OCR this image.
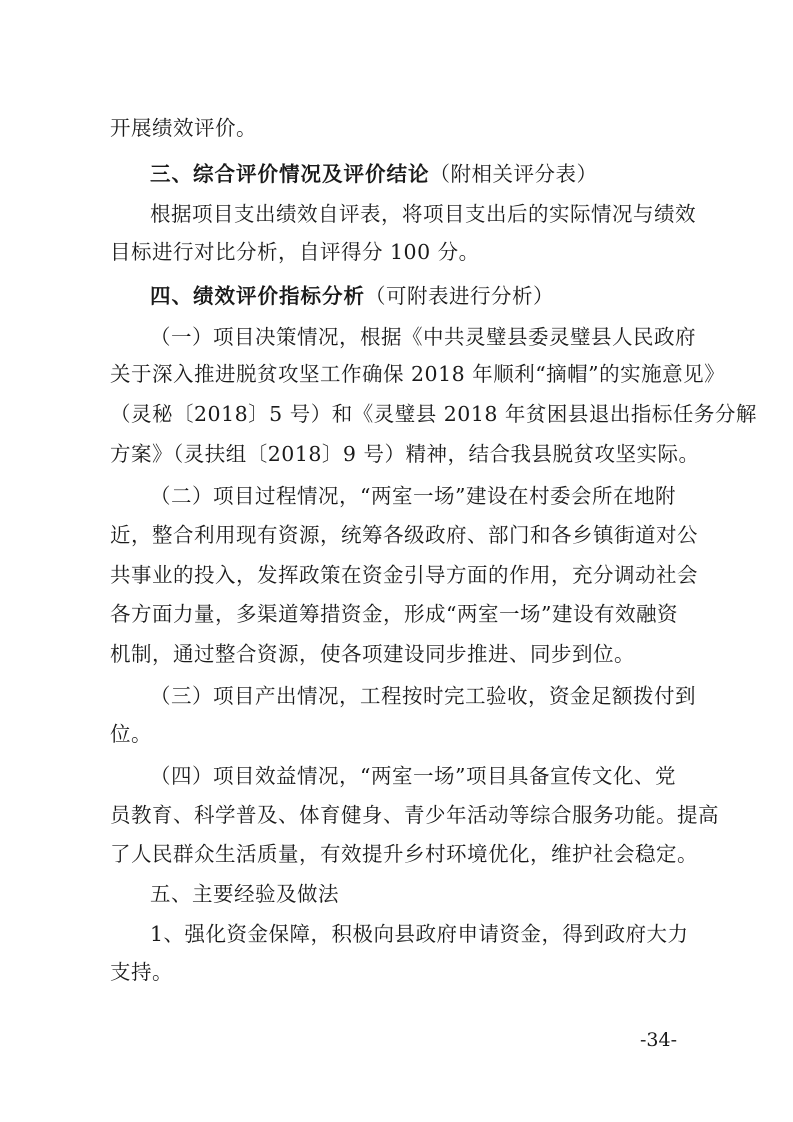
开展绩效评价。
三、综合评价情况及评价结论（附相关评分表）
根据项目支出绩效自评表，将项目支出后的实际情况与绩效
目标进行对比分析，自评得分 100 分。
四、绩效评价指标分析（可附表进行分析）
（一）项目决策情况，根据《中共灵璧县委灵璧县人民政府
关于深入推进脱贫攻坚工作确保 2018 年顺利“摘帽”的实施意见》
（灵秘〔2018〕5 号）和《灵璧县 2018 年贫困县退出指标任务分解
方案》（灵扶组〔2018〕9 号）精神，结合我县脱贫攻坚实际。
（二）项目过程情况，“两室一场”建设在村委会所在地附
近，整合利用现有资源，统筹各级政府、部门和各乡镇街道对公
共事业的投入，发挥政策在资金引导方面的作用，充分调动社会
各方面力量，多渠道筹措资金，形成“两室一场”建设有效融资
机制，通过整合资源，使各项建设同步推进、同步到位。
（三）项目产出情况，工程按时完工验收，资金足额拨付到
位。
（四）项目效益情况，“两室一场”项目具备宣传文化、党
员教育、科学普及、体育健身、青少年活动等综合服务功能。提高
了人民群众生活质量，有效提升乡村环境优化，维护社会稳定。
五、主要经验及做法
1、强化资金保障，积极向县政府申请资金，得到政府大力
支持。
-34-
